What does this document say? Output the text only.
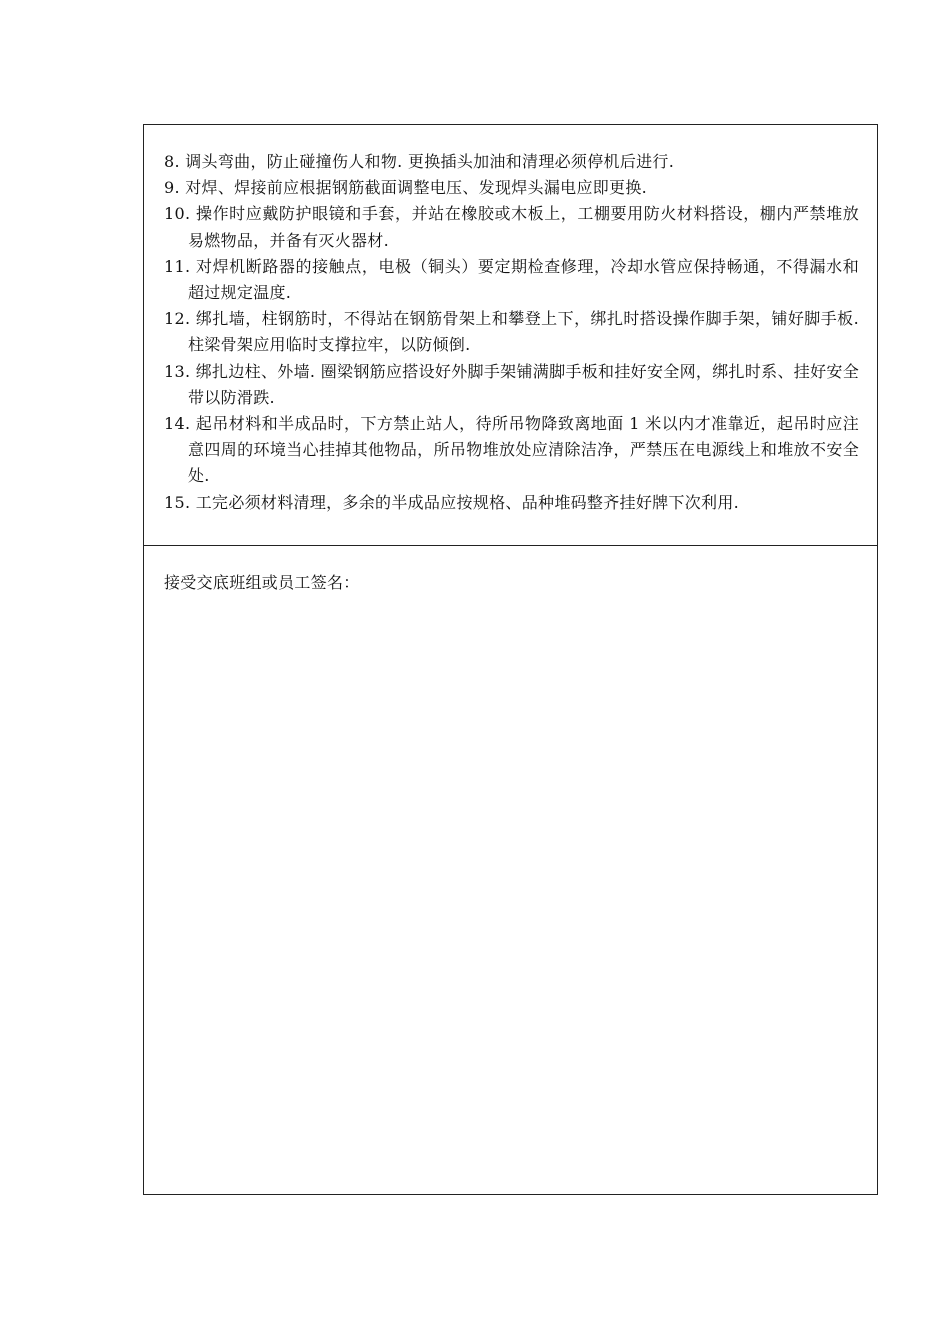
8. 调头弯曲，防止碰撞伤人和物. 更换插头加油和清理必须停机后进行.
9. 对焊、焊接前应根据钢筋截面调整电压、发现焊头漏电应即更换.
10. 操作时应戴防护眼镜和手套，并站在橡胶或木板上，工棚要用防火材料搭设，棚内严禁堆放易燃物品，并备有灭火器材.
11. 对焊机断路器的接触点，电极（铜头）要定期检查修理，冷却水管应保持畅通，不得漏水和超过规定温度.
12. 绑扎墙，柱钢筋时，不得站在钢筋骨架上和攀登上下，绑扎时搭设操作脚手架，铺好脚手板. 柱梁骨架应用临时支撑拉牢，以防倾倒.
13. 绑扎边柱、外墙. 圈梁钢筋应搭设好外脚手架铺满脚手板和挂好安全网，绑扎时系、挂好安全带以防滑跌.
14. 起吊材料和半成品时，下方禁止站人，待所吊物降致离地面 1 米以内才准靠近，起吊时应注意四周的环境当心挂掉其他物品，所吊物堆放处应清除洁净，严禁压在电源线上和堆放不安全处.
15. 工完必须材料清理，多余的半成品应按规格、品种堆码整齐挂好牌下次利用.
接受交底班组或员工签名：
